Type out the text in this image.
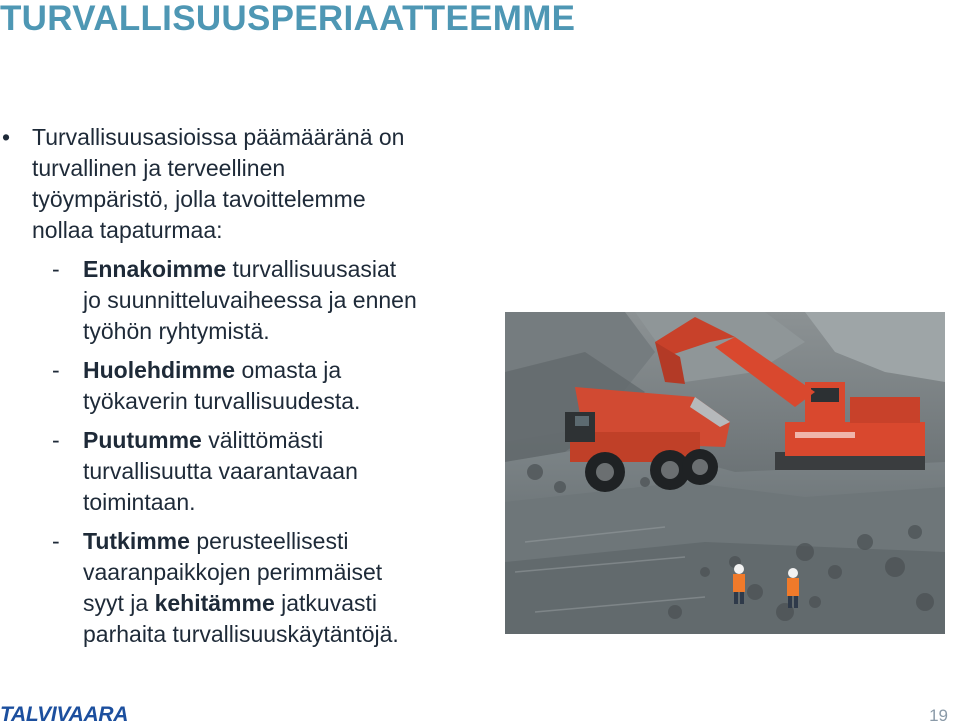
TURVALLISUUSPERIAATTEEMME
• Turvallisuusasioissa päämääränä on
turvallinen ja terveellinen
työympäristö, jolla tavoittelemme
nollaa tapaturmaa:
- Ennakoimme turvallisuusasiat
jo suunnitteluvaiheessa ja ennen
työhön ryhtymistä.
- Huolehdimme omasta ja
työkaverin turvallisuudesta.
- Puutumme välittömästi
turvallisuutta vaarantavaan
toimintaan.
- Tutkimme perusteellisesti
vaaranpaikkojen perimmäiset
syyt ja kehitämme jatkuvasti
parhaita turvallisuuskäytäntöjä.
TALVIVAARA	19
